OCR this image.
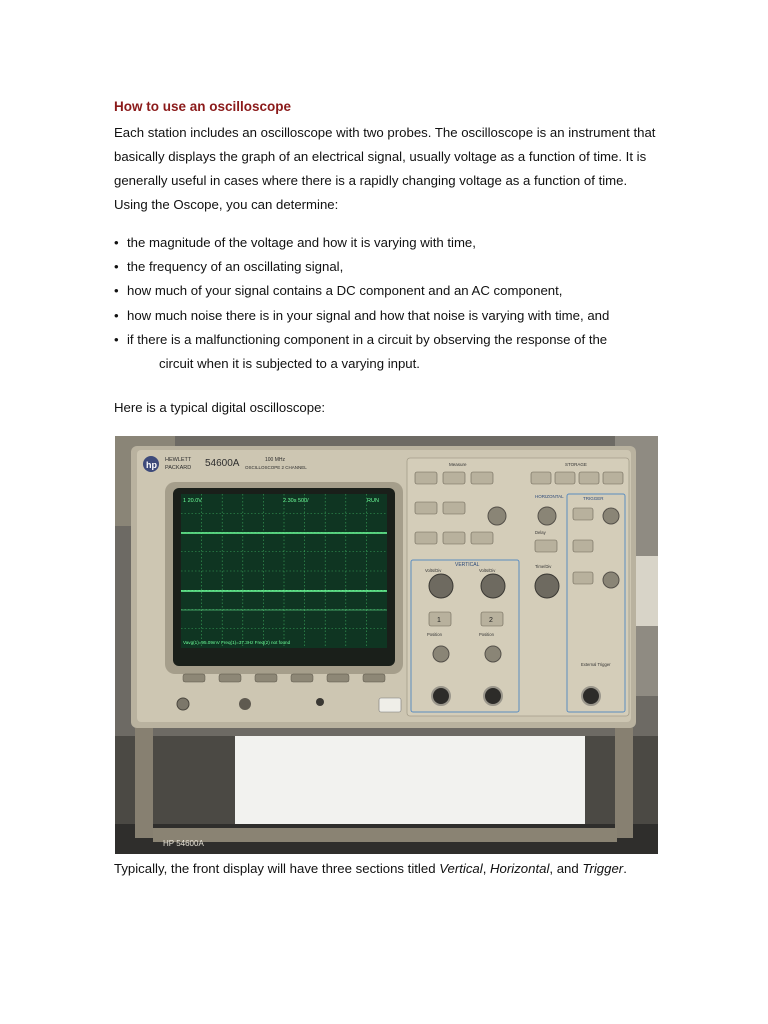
How to use an oscilloscope

Each station includes an oscilloscope with two probes. The oscilloscope is an instrument that basically displays the graph of an electrical signal, usually voltage as a function of time. It is generally useful in cases where there is a rapidly changing voltage as a function of time. Using the Oscope, you can determine:

• the magnitude of the voltage and how it is varying with time,
• the frequency of an oscillating signal,
• how much of your signal contains a DC component and an AC component,
• how much noise there is in your signal and how that noise is varying with time, and
• if there is a malfunctioning component in a circuit by observing the response of the
circuit when it is subjected to a varying input.

Here is a typical digital oscilloscope:

HP 54600A
hp HEWLETT
PACKARD 54600A	100 MHz
OSCILLOSCOPE 2 CHANNEL
1 20.0V	2.30s 500/	RUN
Vavg(1)=95.09mV Freq(1)=37.3Hz Freq(2) not found
Measure
VERTICAL
Volts/Div	Volts/Div
1	2
Position	Position
HORIZONTAL
Delay
Time/Div
STORAGE
TRIGGER
External Trigger

Typically, the front display will have three sections titled Vertical, Horizontal, and Trigger.
